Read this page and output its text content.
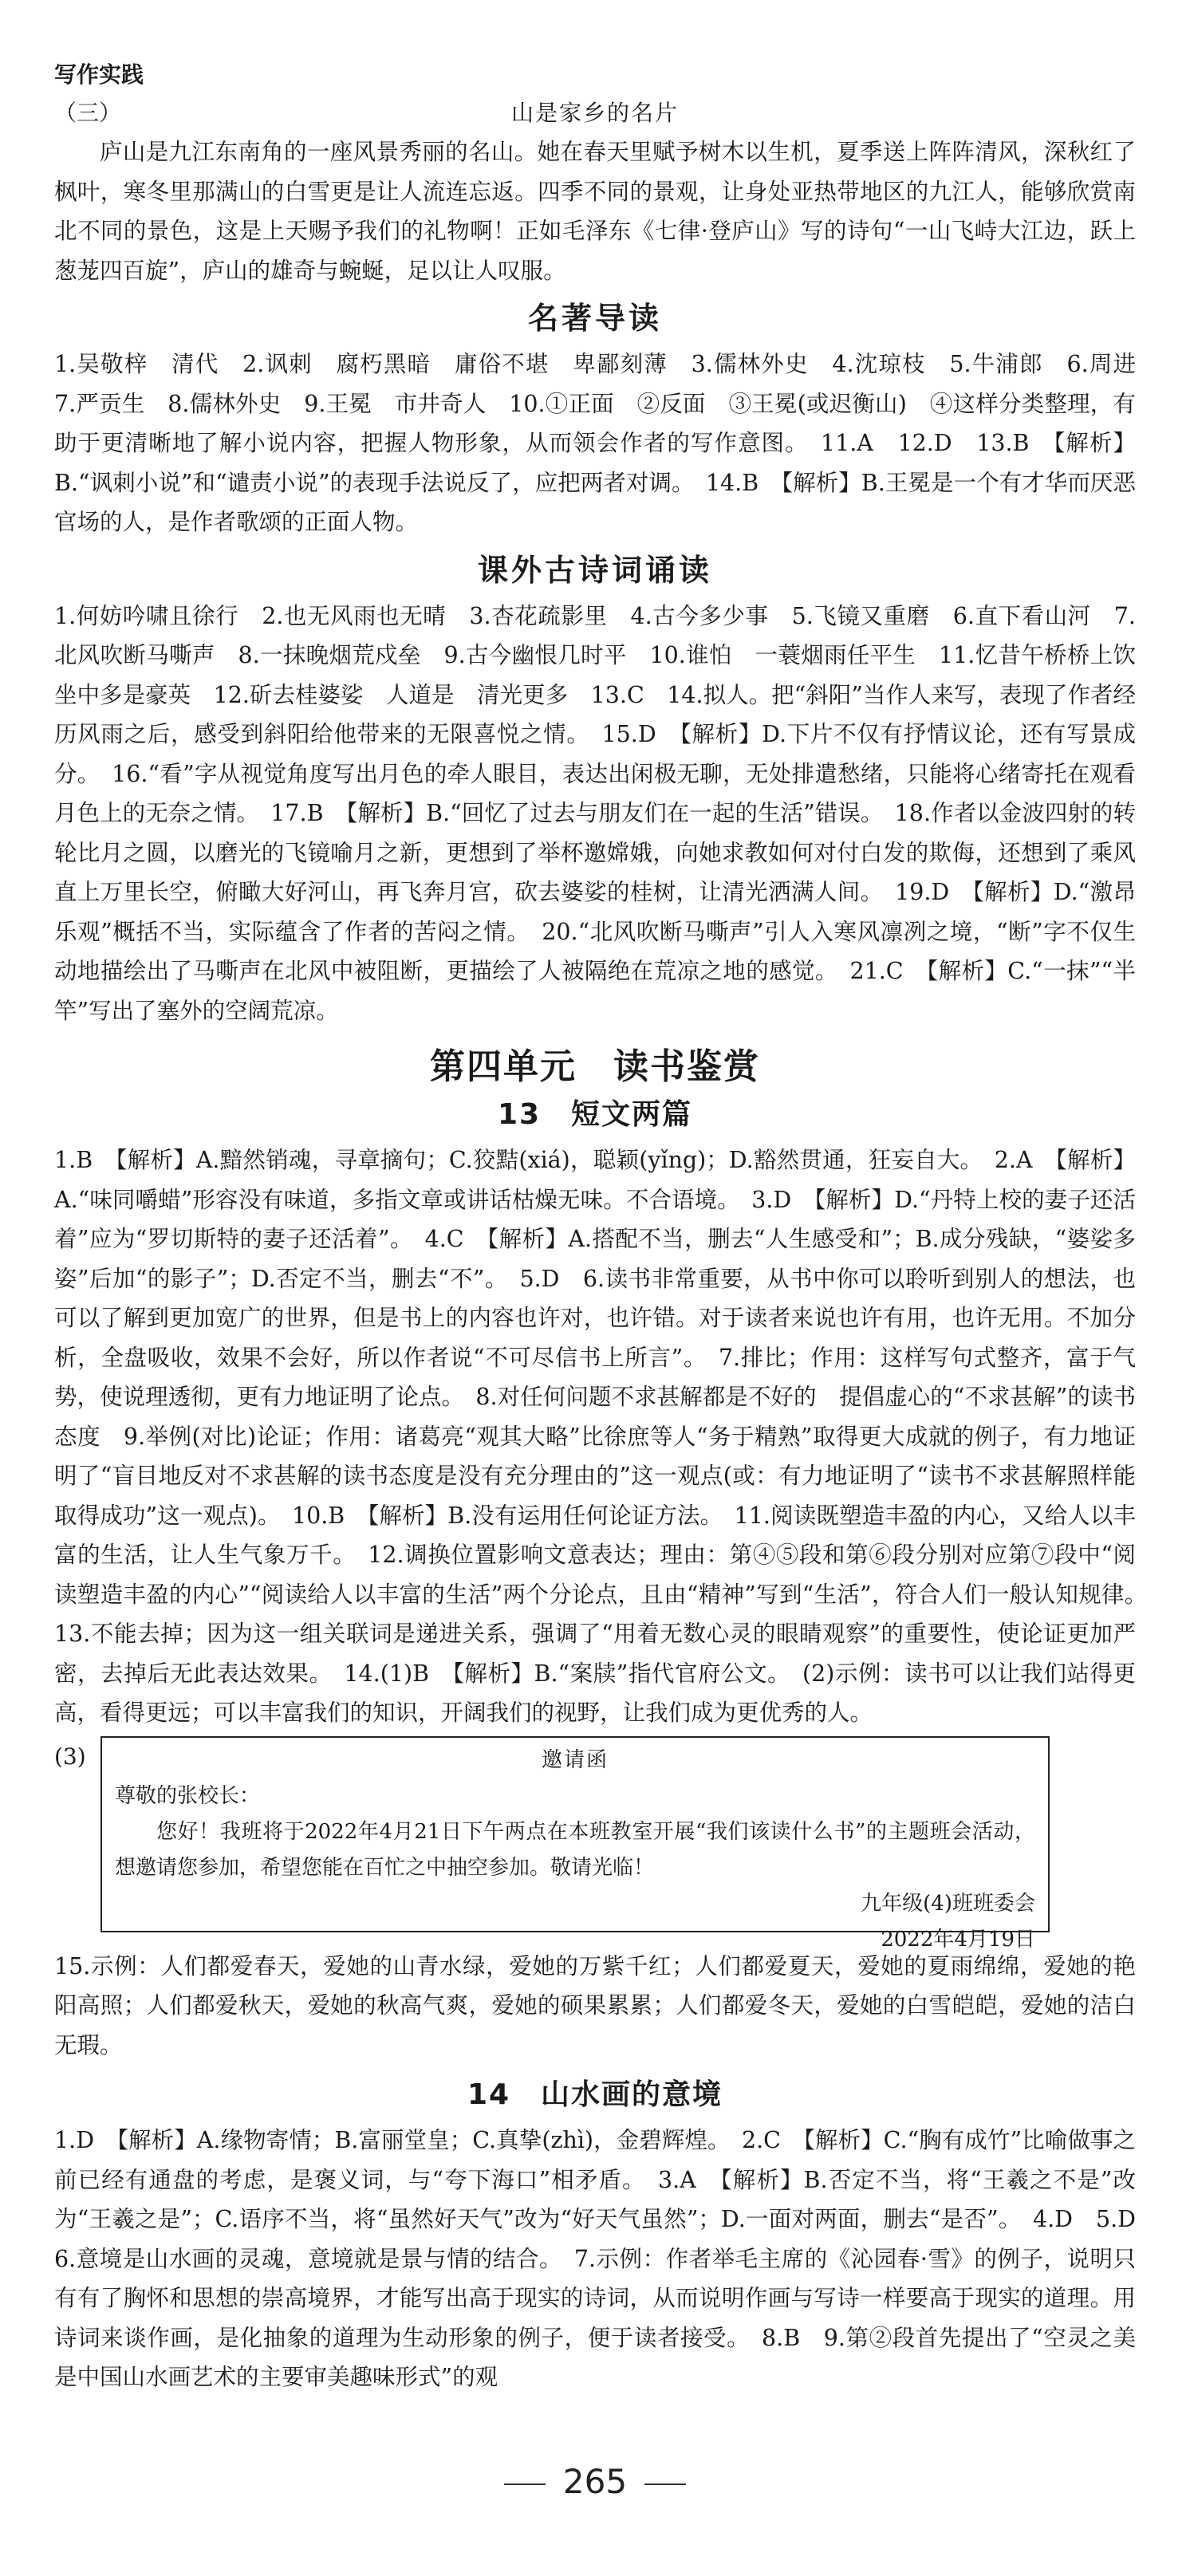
写作实践
（三）	山是家乡的名片

庐山是九江东南角的一座风景秀丽的名山。她在春天里赋予树木以生机，夏季送上阵阵清风，深秋红了枫叶，寒冬里那满山的白雪更是让人流连忘返。四季不同的景观，让身处亚热带地区的九江人，能够欣赏南北不同的景色，这是上天赐予我们的礼物啊！正如毛泽东《七律·登庐山》写的诗句“一山飞峙大江边，跃上葱茏四百旋”，庐山的雄奇与蜿蜒，足以让人叹服。

名著导读

1.吴敬梓　清代　2.讽刺　腐朽黑暗　庸俗不堪　卑鄙刻薄　3.儒林外史　4.沈琼枝　5.牛浦郎　6.周进　7.严贡生　8.儒林外史　9.王冕　市井奇人　10.①正面　②反面　③王冕(或迟衡山)　④这样分类整理，有助于更清晰地了解小说内容，把握人物形象，从而领会作者的写作意图。　11.A　12.D　13.B　【解析】B.“讽刺小说”和“谴责小说”的表现手法说反了，应把两者对调。　14.B　【解析】B.王冕是一个有才华而厌恶官场的人，是作者歌颂的正面人物。

课外古诗词诵读

1.何妨吟啸且徐行　2.也无风雨也无晴　3.杏花疏影里　4.古今多少事　5.飞镜又重磨　6.直下看山河　7.北风吹断马嘶声　8.一抹晚烟荒戍垒　9.古今幽恨几时平　10.谁怕　一蓑烟雨任平生　11.忆昔午桥桥上饮　坐中多是豪英　12.斫去桂婆娑　人道是　清光更多　13.C　14.拟人。把“斜阳”当作人来写，表现了作者经历风雨之后，感受到斜阳给他带来的无限喜悦之情。　15.D　【解析】D.下片不仅有抒情议论，还有写景成分。　16.“看”字从视觉角度写出月色的牵人眼目，表达出闲极无聊，无处排遣愁绪，只能将心绪寄托在观看月色上的无奈之情。　17.B　【解析】B.“回忆了过去与朋友们在一起的生活”错误。　18.作者以金波四射的转轮比月之圆，以磨光的飞镜喻月之新，更想到了举杯邀嫦娥，向她求教如何对付白发的欺侮，还想到了乘风直上万里长空，俯瞰大好河山，再飞奔月宫，砍去婆娑的桂树，让清光洒满人间。　19.D　【解析】D.“激昂乐观”概括不当，实际蕴含了作者的苦闷之情。　20.“北风吹断马嘶声”引人入寒风凛冽之境，“断”字不仅生动地描绘出了马嘶声在北风中被阻断，更描绘了人被隔绝在荒凉之地的感觉。　21.C　【解析】C.“一抹”“半竿”写出了塞外的空阔荒凉。

第四单元　读书鉴赏
13　短文两篇

1.B　【解析】A.黯然销魂，寻章摘句；C.狡黠(xiá)，聪颖(yǐng)；D.豁然贯通，狂妄自大。　2.A　【解析】A.“味同嚼蜡”形容没有味道，多指文章或讲话枯燥无味。不合语境。　3.D　【解析】D.“丹特上校的妻子还活着”应为“罗切斯特的妻子还活着”。　4.C　【解析】A.搭配不当，删去“人生感受和”；B.成分残缺，“婆娑多姿”后加“的影子”；D.否定不当，删去“不”。　5.D　6.读书非常重要，从书中你可以聆听到别人的想法，也可以了解到更加宽广的世界，但是书上的内容也许对，也许错。对于读者来说也许有用，也许无用。不加分析，全盘吸收，效果不会好，所以作者说“不可尽信书上所言”。　7.排比；作用：这样写句式整齐，富于气势，使说理透彻，更有力地证明了论点。　8.对任何问题不求甚解都是不好的　提倡虚心的“不求甚解”的读书态度　9.举例(对比)论证；作用：诸葛亮“观其大略”比徐庶等人“务于精熟”取得更大成就的例子，有力地证明了“盲目地反对不求甚解的读书态度是没有充分理由的”这一观点(或：有力地证明了“读书不求甚解照样能取得成功”这一观点)。　10.B　【解析】B.没有运用任何论证方法。　11.阅读既塑造丰盈的内心，又给人以丰富的生活，让人生气象万千。　12.调换位置影响文意表达；理由：第④⑤段和第⑥段分别对应第⑦段中“阅读塑造丰盈的内心”“阅读给人以丰富的生活”两个分论点，且由“精神”写到“生活”，符合人们一般认知规律。　13.不能去掉；因为这一组关联词是递进关系，强调了“用着无数心灵的眼睛观察”的重要性，使论证更加严密，去掉后无此表达效果。　14.(1)B　【解析】B.“案牍”指代官府公文。　(2)示例：读书可以让我们站得更高，看得更远；可以丰富我们的知识，开阔我们的视野，让我们成为更优秀的人。

(3)	邀请函
尊敬的张校长：
您好！我班将于2022年4月21日下午两点在本班教室开展“我们该读什么书”的主题班会活动，想邀请您参加，希望您能在百忙之中抽空参加。敬请光临！
九年级(4)班班委会
2022年4月19日

15.示例：人们都爱春天，爱她的山青水绿，爱她的万紫千红；人们都爱夏天，爱她的夏雨绵绵，爱她的艳阳高照；人们都爱秋天，爱她的秋高气爽，爱她的硕果累累；人们都爱冬天，爱她的白雪皑皑，爱她的洁白无瑕。

14　山水画的意境

1.D　【解析】A.缘物寄情；B.富丽堂皇；C.真挚(zhì)，金碧辉煌。　2.C　【解析】C.“胸有成竹”比喻做事之前已经有通盘的考虑，是褒义词，与“夸下海口”相矛盾。　3.A　【解析】B.否定不当，将“王羲之不是”改为“王羲之是”；C.语序不当，将“虽然好天气”改为“好天气虽然”；D.一面对两面，删去“是否”。　4.D　5.D　6.意境是山水画的灵魂，意境就是景与情的结合。　7.示例：作者举毛主席的《沁园春·雪》的例子，说明只有有了胸怀和思想的崇高境界，才能写出高于现实的诗词，从而说明作画与写诗一样要高于现实的道理。用诗词来谈作画，是化抽象的道理为生动形象的例子，便于读者接受。　8.B　9.第②段首先提出了“空灵之美是中国山水画艺术的主要审美趣味形式”的观

265
